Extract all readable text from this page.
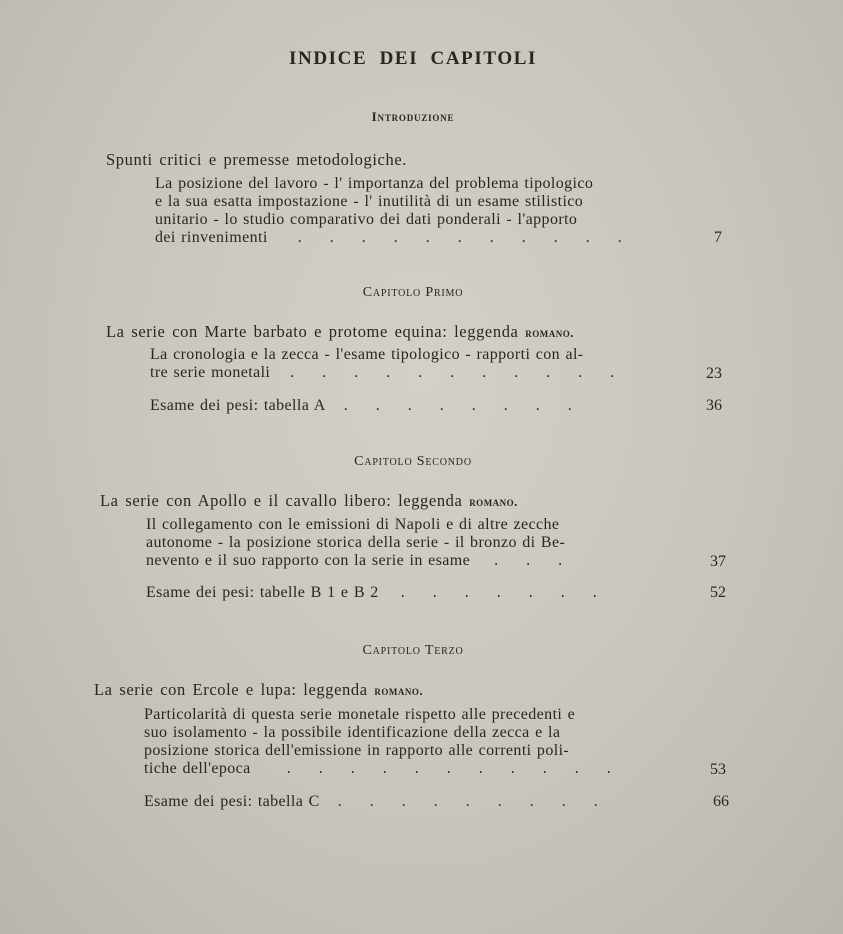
INDICE DEI CAPITOLI
Introduzione
Spunti critici e premesse metodologiche.
La posizione del lavoro - l' importanza del problema tipologico
e la sua esatta impostazione - l' inutilità di un esame stilistico
unitario - lo studio comparativo dei dati ponderali - l'apporto
dei rinvenimenti	. . . . . . . . . . .	7
Capitolo Primo
La serie con Marte barbato e protome equina: leggenda romano.
La cronologia e la zecca - l'esame tipologico - rapporti con al-
tre serie monetali	. . . . . . . . . . .	23
Esame dei pesi: tabella A	. . . . . . . .	36
Capitolo Secondo
La serie con Apollo e il cavallo libero: leggenda romano.
Il collegamento con le emissioni di Napoli e di altre zecche
autonome - la posizione storica della serie - il bronzo di Be-
nevento e il suo rapporto con la serie in esame	. . .	37
Esame dei pesi: tabelle B 1 e B 2	. . . . . . .	52
Capitolo Terzo
La serie con Ercole e lupa: leggenda romano.
Particolarità di questa serie monetale rispetto alle precedenti e
suo isolamento - la possibile identificazione della zecca e la
posizione storica dell'emissione in rapporto alle correnti poli-
tiche dell'epoca	. . . . . . . . . . .	53
Esame dei pesi: tabella C	. . . . . . . . .	66
